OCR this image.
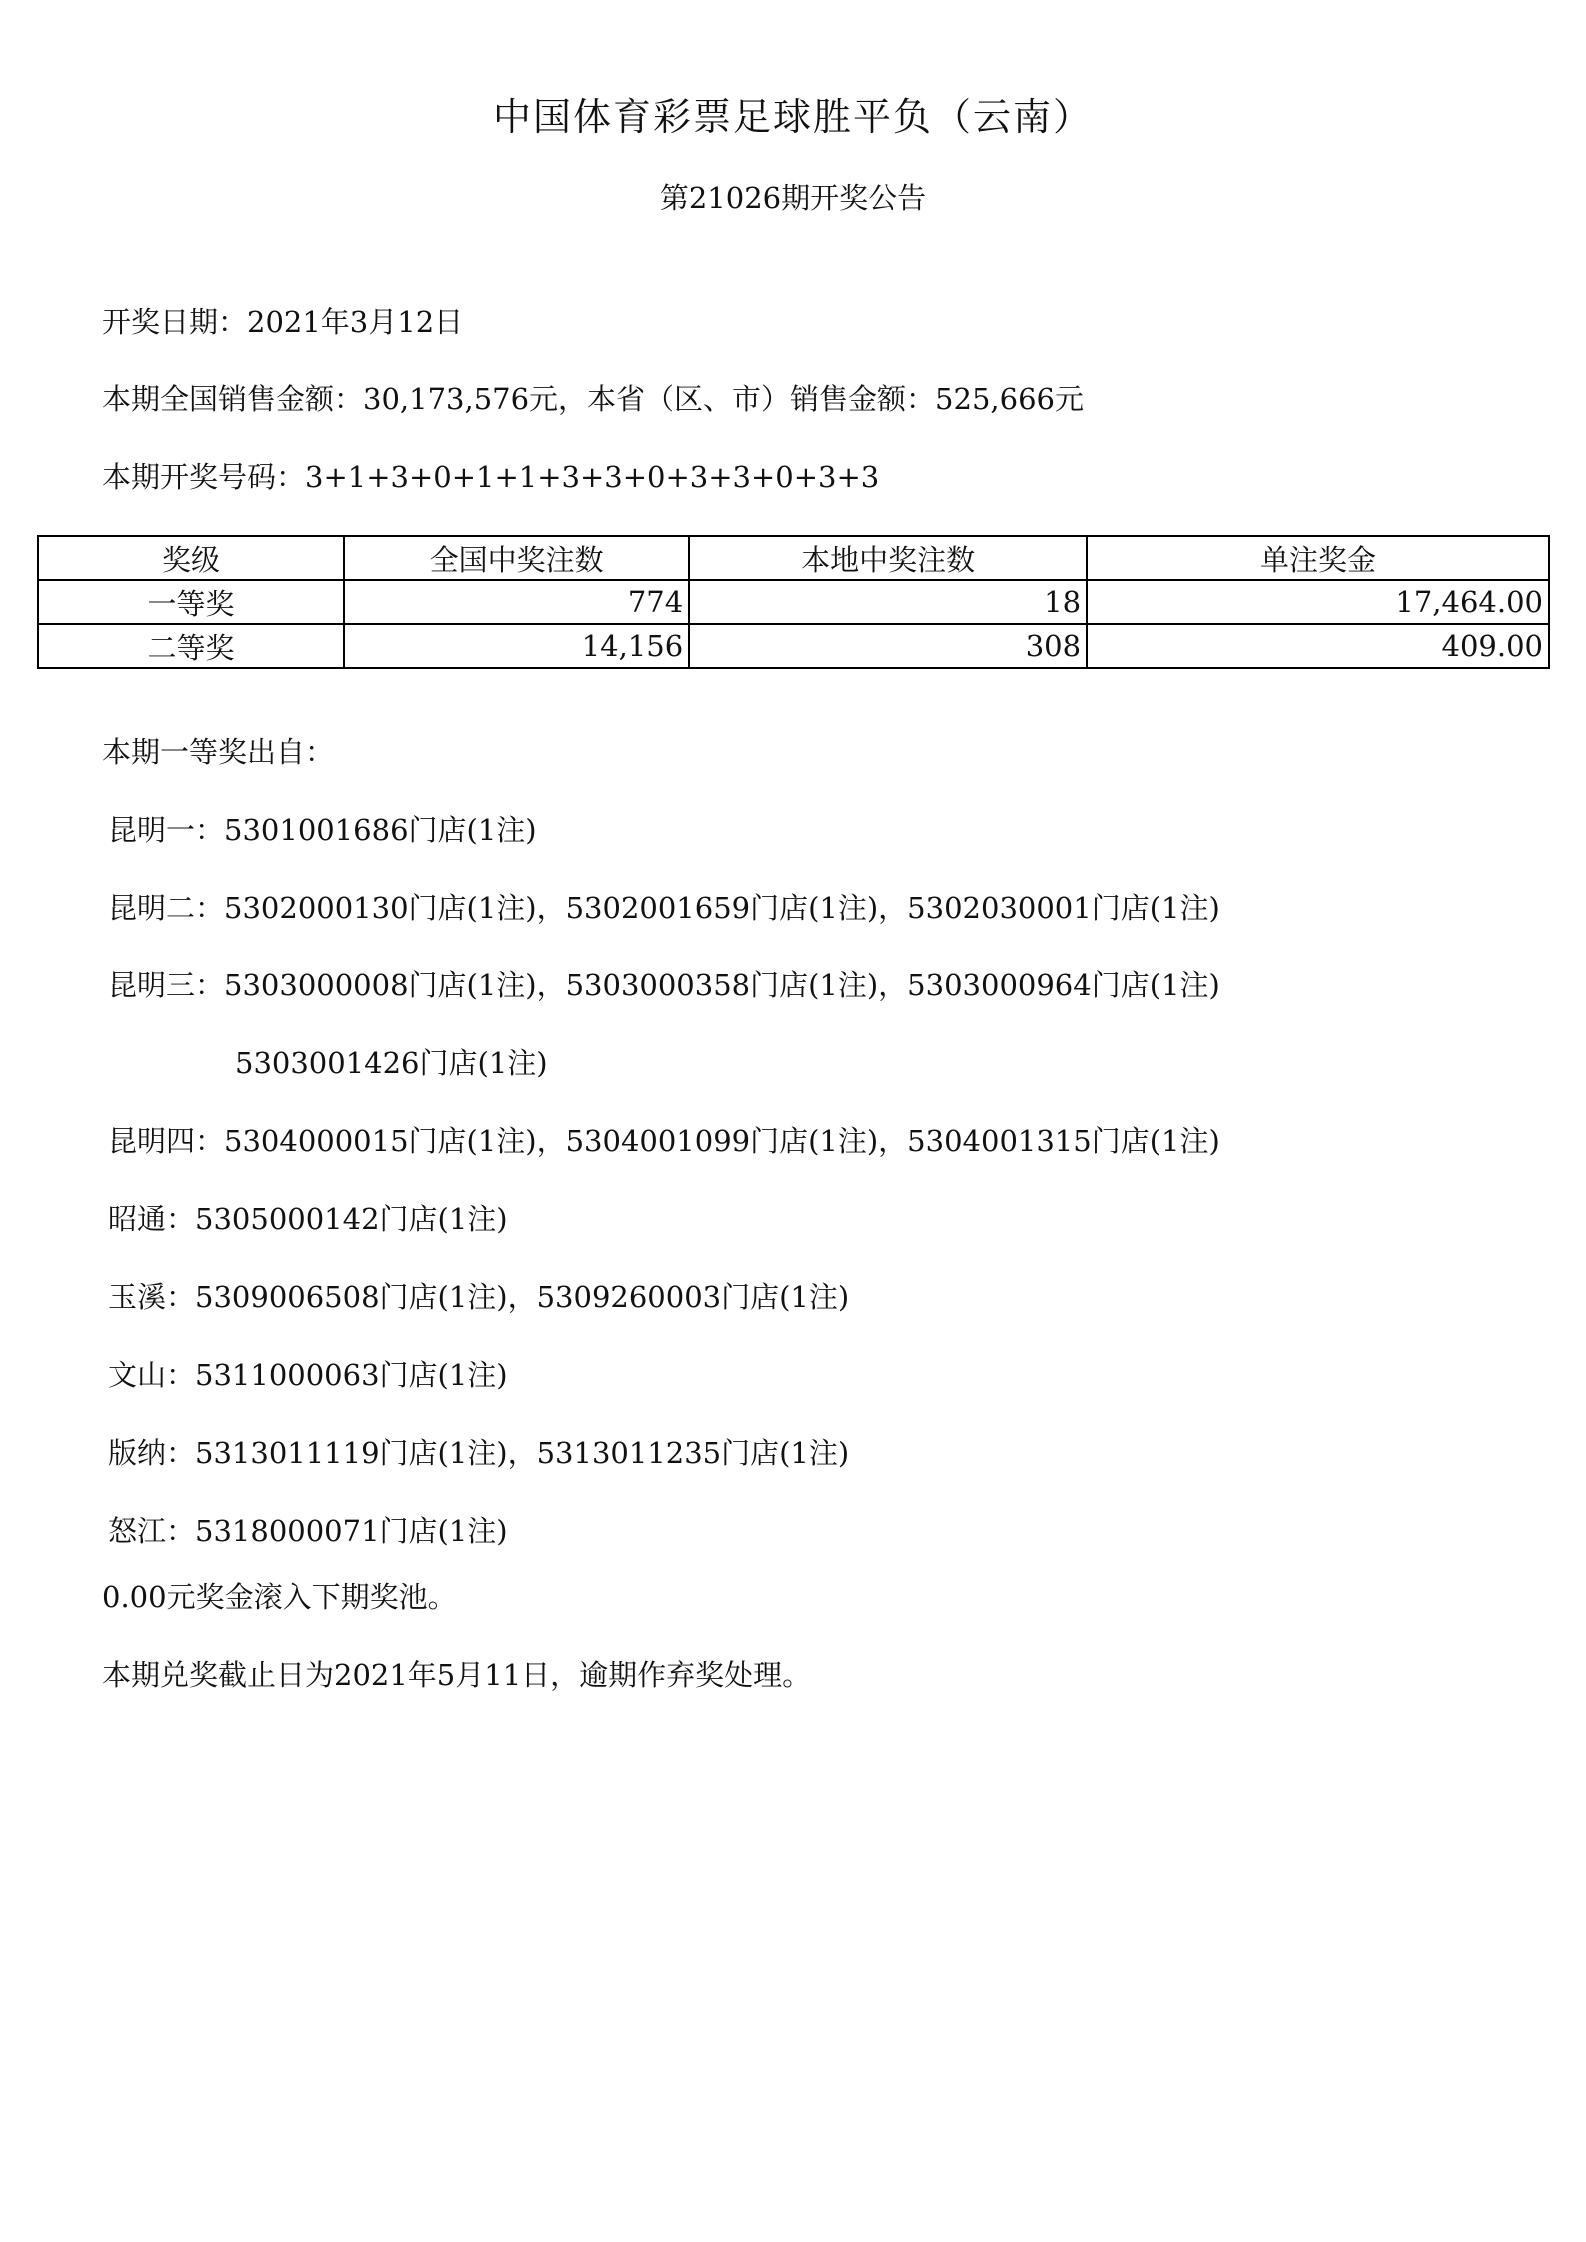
中国体育彩票足球胜平负（云南）
第21026期开奖公告
开奖日期：2021年3月12日
本期全国销售金额：30,173,576元，本省（区、市）销售金额：525,666元
本期开奖号码：3+1+3+0+1+1+3+3+0+3+3+0+3+3
奖级	全国中奖注数	本地中奖注数	单注奖金
一等奖	774	18	17,464.00
二等奖	14,156	308	409.00
本期一等奖出自：
昆明一：5301001686门店(1注)
昆明二：5302000130门店(1注)，5302001659门店(1注)，5302030001门店(1注)
昆明三：5303000008门店(1注)，5303000358门店(1注)，5303000964门店(1注)
5303001426门店(1注)
昆明四：5304000015门店(1注)，5304001099门店(1注)，5304001315门店(1注)
昭通：5305000142门店(1注)
玉溪：5309006508门店(1注)，5309260003门店(1注)
文山：5311000063门店(1注)
版纳：5313011119门店(1注)，5313011235门店(1注)
怒江：5318000071门店(1注)
0.00元奖金滚入下期奖池。
本期兑奖截止日为2021年5月11日，逾期作弃奖处理。
